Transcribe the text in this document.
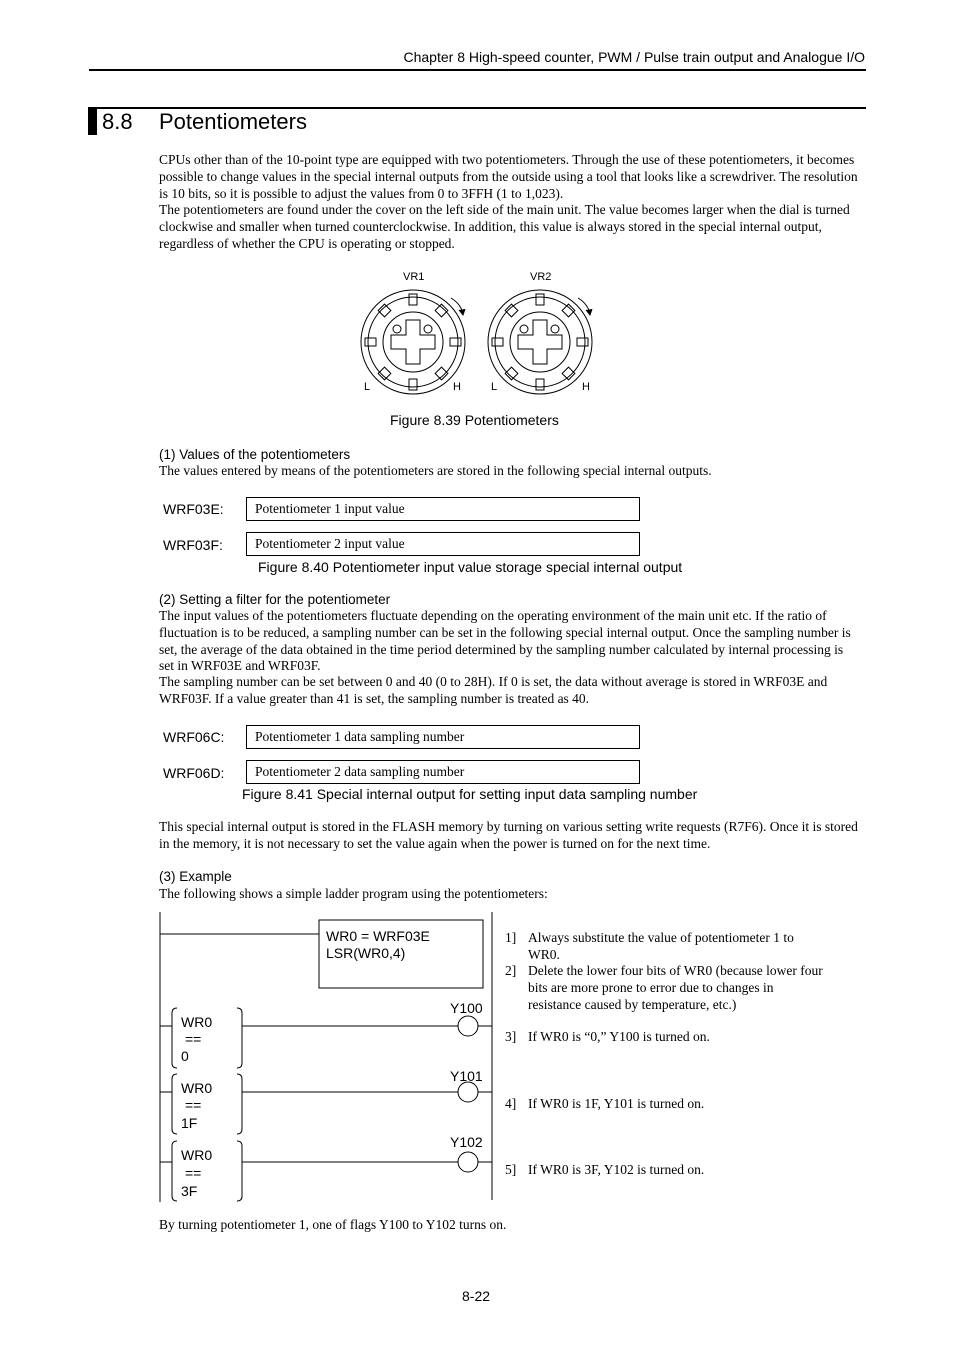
Chapter 8 High-speed counter, PWM / Pulse train output and Analogue I/O
8.8 Potentiometers
CPUs other than of the 10-point type are equipped with two potentiometers. Through the use of these potentiometers, it becomes possible to change values in the special internal outputs from the outside using a tool that looks like a screwdriver. The resolution is 10 bits, so it is possible to adjust the values from 0 to 3FFH (1 to 1,023).
The potentiometers are found under the cover on the left side of the main unit. The value becomes larger when the dial is turned clockwise and smaller when turned counterclockwise. In addition, this value is always stored in the special internal output, regardless of whether the CPU is operating or stopped.
VR1	VR2
L	H	L	H
Figure 8.39 Potentiometers
(1) Values of the potentiometers
The values entered by means of the potentiometers are stored in the following special internal outputs.
WRF03E:	Potentiometer 1 input value
WRF03F:	Potentiometer 2 input value
Figure 8.40 Potentiometer input value storage special internal output
(2) Setting a filter for the potentiometer
The input values of the potentiometers fluctuate depending on the operating environment of the main unit etc. If the ratio of fluctuation is to be reduced, a sampling number can be set in the following special internal output. Once the sampling number is set, the average of the data obtained in the time period determined by the sampling number calculated by internal processing is set in WRF03E and WRF03F.
The sampling number can be set between 0 and 40 (0 to 28H). If 0 is set, the data without average is stored in WRF03E and WRF03F. If a value greater than 41 is set, the sampling number is treated as 40.
WRF06C:	Potentiometer 1 data sampling number
WRF06D:	Potentiometer 2 data sampling number
Figure 8.41 Special internal output for setting input data sampling number
This special internal output is stored in the FLASH memory by turning on various setting write requests (R7F6). Once it is stored in the memory, it is not necessary to set the value again when the power is turned on for the next time.
(3) Example
The following shows a simple ladder program using the potentiometers:
WR0 = WRF03E
LSR(WR0,4)
WR0
==
0
Y100
WR0
==
1F
Y101
WR0
==
3F
Y102
1] Always substitute the value of potentiometer 1 to WR0.
2] Delete the lower four bits of WR0 (because lower four bits are more prone to error due to changes in resistance caused by temperature, etc.)
3] If WR0 is “0,” Y100 is turned on.
4] If WR0 is 1F, Y101 is turned on.
5] If WR0 is 3F, Y102 is turned on.
By turning potentiometer 1, one of flags Y100 to Y102 turns on.
8-22
